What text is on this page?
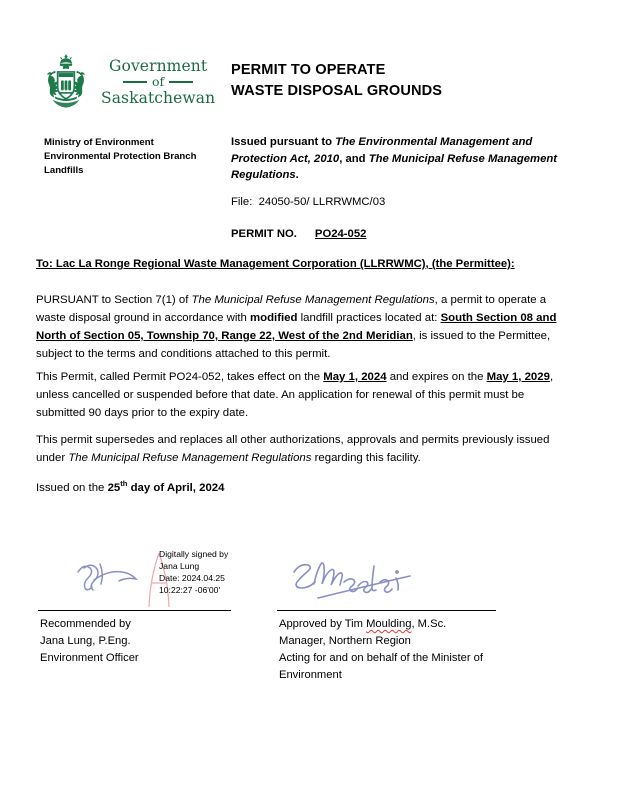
Government
of
Saskatchewan
PERMIT TO OPERATE
WASTE DISPOSAL GROUNDS
Ministry of Environment
Environmental Protection Branch
Landfills
Issued pursuant to The Environmental Management and Protection Act, 2010, and The Municipal Refuse Management Regulations.
File: 24050-50/ LLRRWMC/03
PERMIT NO. PO24-052
To: Lac La Ronge Regional Waste Management Corporation (LLRRWMC), (the Permittee):
PURSUANT to Section 7(1) of The Municipal Refuse Management Regulations, a permit to operate a waste disposal ground in accordance with modified landfill practices located at: South Section 08 and North of Section 05, Township 70, Range 22, West of the 2nd Meridian, is issued to the Permittee, subject to the terms and conditions attached to this permit.
This Permit, called Permit PO24-052, takes effect on the May 1, 2024 and expires on the May 1, 2029, unless cancelled or suspended before that date. An application for renewal of this permit must be submitted 90 days prior to the expiry date.
This permit supersedes and replaces all other authorizations, approvals and permits previously issued under The Municipal Refuse Management Regulations regarding this facility.
Issued on the 25th day of April, 2024
Digitally signed by
Jana Lung
Date: 2024.04.25
10:22:27 -06'00'
Recommended by
Jana Lung, P.Eng.
Environment Officer
Approved by Tim Moulding, M.Sc.
Manager, Northern Region
Acting for and on behalf of the Minister of
Environment
